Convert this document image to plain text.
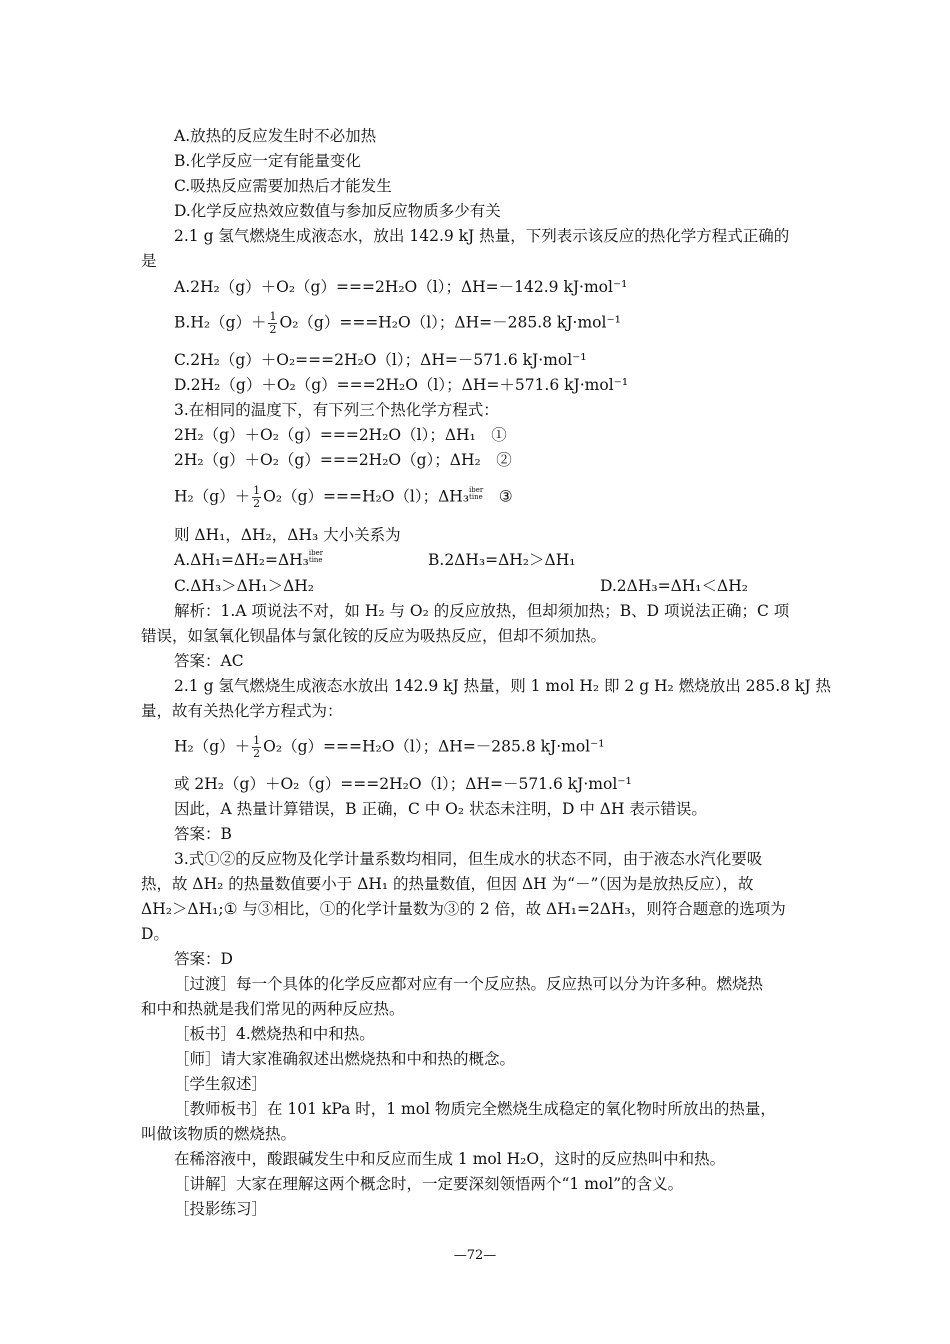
A.放热的反应发生时不必加热
B.化学反应一定有能量变化
C.吸热反应需要加热后才能发生
D.化学反应热效应数值与参加反应物质多少有关
2.1 g 氢气燃烧生成液态水，放出 142.9 kJ 热量，下列表示该反应的热化学方程式正确的
是
A.2H₂（g）＋O₂（g）===2H₂O（l）；ΔH=－142.9 kJ·mol⁻¹
$B.H_2(g)+ \frac{1}{2} O_2(g)===H_2O(l)$；ΔH=－285.8 kJ·mol⁻¹
C.2H₂（g）＋O₂===2H₂O（l）；ΔH=－571.6 kJ·mol⁻¹
D.2H₂（g）＋O₂（g）===2H₂O（l）；ΔH=＋571.6 kJ·mol⁻¹
3.在相同的温度下，有下列三个热化学方程式：
2H₂（g）＋O₂（g）===2H₂O（l）；ΔH₁　①
2H₂（g）＋O₂（g）===2H₂O（g）；ΔH₂　②
$H_2(g)+ \frac{1}{2} O_2(g)===H_2O(l)$；ΔH₃ iber
tine
  ③
则 ΔH₁，ΔH₂，ΔH₃ 大小关系为
A.ΔH₁=ΔH₂=ΔH₃ iber
tine	B.2ΔH₃=ΔH₂＞ΔH₁
C.ΔH₃＞ΔH₁＞ΔH₂	D.2ΔH₃=ΔH₁＜ΔH₂
解析：1.A 项说法不对，如 H₂ 与 O₂ 的反应放热，但却须加热；B、D 项说法正确；C 项
错误，如氢氧化钡晶体与氯化铵的反应为吸热反应，但却不须加热。
答案：AC
2.1 g 氢气燃烧生成液态水放出 142.9 kJ 热量，则 1 mol H₂ 即 2 g H₂ 燃烧放出 285.8 kJ 热
量，故有关热化学方程式为：
$H_2(g)+ \frac{1}{2} O_2(g)===H_2O(l)$；ΔH=－285.8 kJ·mol⁻¹
或 2H₂（g）＋O₂（g）===2H₂O（l）；ΔH=－571.6 kJ·mol⁻¹
因此，A 热量计算错误，B 正确，C 中 O₂ 状态未注明，D 中 ΔH 表示错误。
答案：B
3.式①②的反应物及化学计量系数均相同，但生成水的状态不同，由于液态水汽化要吸
热，故 ΔH₂ 的热量数值要小于 ΔH₁ 的热量数值，但因 ΔH 为“－”（因为是放热反应），故
ΔH₂＞ΔH₁;① 与③相比，①的化学计量数为③的 2 倍，故 ΔH₁=2ΔH₃，则符合题意的选项为
D。
答案：D
［过渡］每一个具体的化学反应都对应有一个反应热。反应热可以分为许多种。燃烧热
和中和热就是我们常见的两种反应热。
［板书］4.燃烧热和中和热。
［师］请大家准确叙述出燃烧热和中和热的概念。
［学生叙述］
［教师板书］在 101 kPa 时，1 mol 物质完全燃烧生成稳定的氧化物时所放出的热量，
叫做该物质的燃烧热。
在稀溶液中，酸跟碱发生中和反应而生成 1 mol H₂O，这时的反应热叫中和热。
［讲解］大家在理解这两个概念时，一定要深刻领悟两个“1 mol”的含义。
［投影练习］
—72—
